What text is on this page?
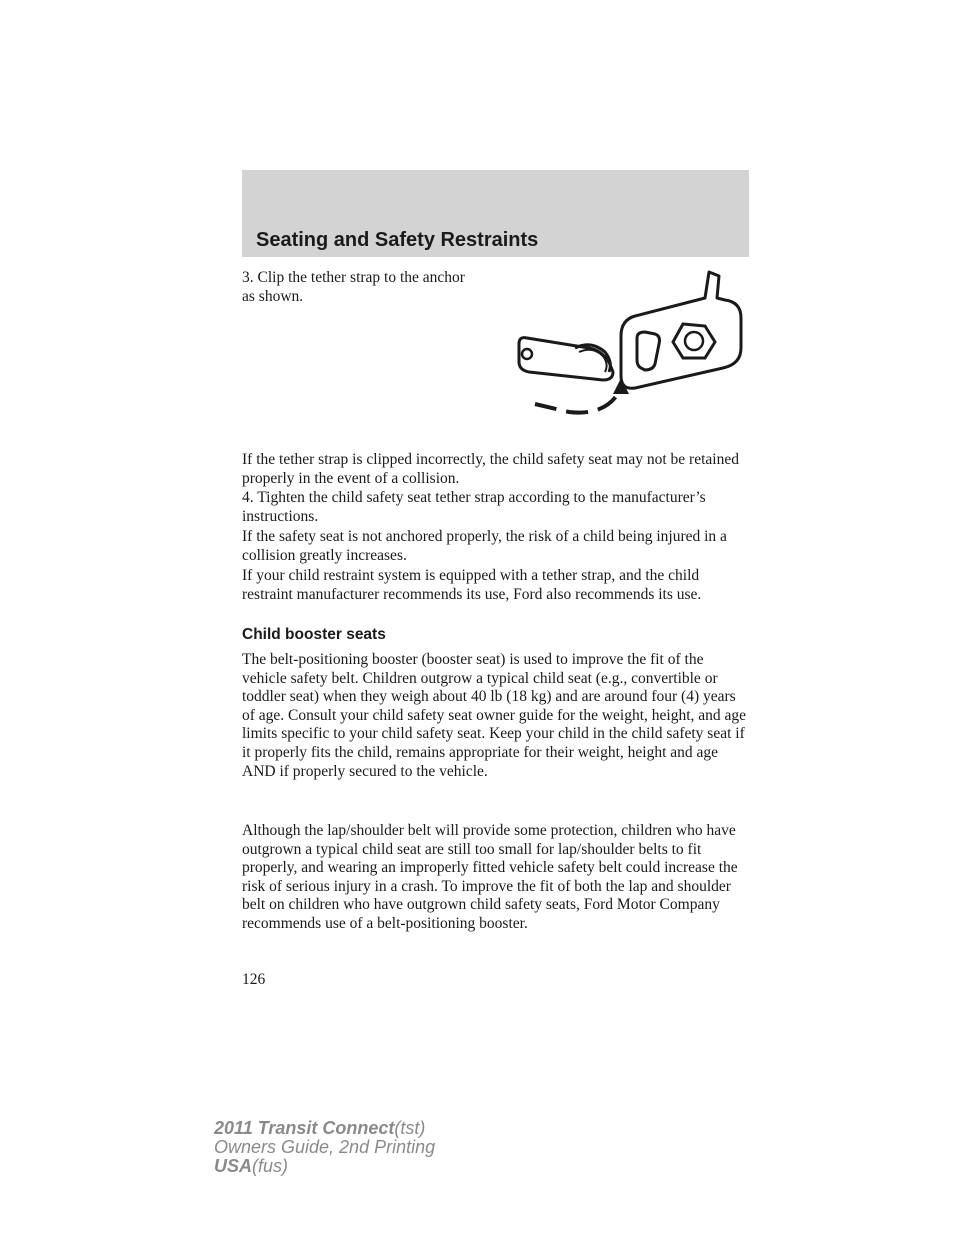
Seating and Safety Restraints

3. Clip the tether strap to the anchor as shown.

If the tether strap is clipped incorrectly, the child safety seat may not be retained properly in the event of a collision.

4. Tighten the child safety seat tether strap according to the manufacturer’s instructions.

If the safety seat is not anchored properly, the risk of a child being injured in a collision greatly increases.

If your child restraint system is equipped with a tether strap, and the child restraint manufacturer recommends its use, Ford also recommends its use.

Child booster seats

The belt-positioning booster (booster seat) is used to improve the fit of the vehicle safety belt. Children outgrow a typical child seat (e.g., convertible or toddler seat) when they weigh about 40 lb (18 kg) and are around four (4) years of age. Consult your child safety seat owner guide for the weight, height, and age limits specific to your child safety seat. Keep your child in the child safety seat if it properly fits the child, remains appropriate for their weight, height and age AND if properly secured to the vehicle.

Although the lap/shoulder belt will provide some protection, children who have outgrown a typical child seat are still too small for lap/shoulder belts to fit properly, and wearing an improperly fitted vehicle safety belt could increase the risk of serious injury in a crash. To improve the fit of both the lap and shoulder belt on children who have outgrown child safety seats, Ford Motor Company recommends use of a belt-positioning booster.

126

2011 Transit Connect(tst)
Owners Guide, 2nd Printing
USA(fus)
